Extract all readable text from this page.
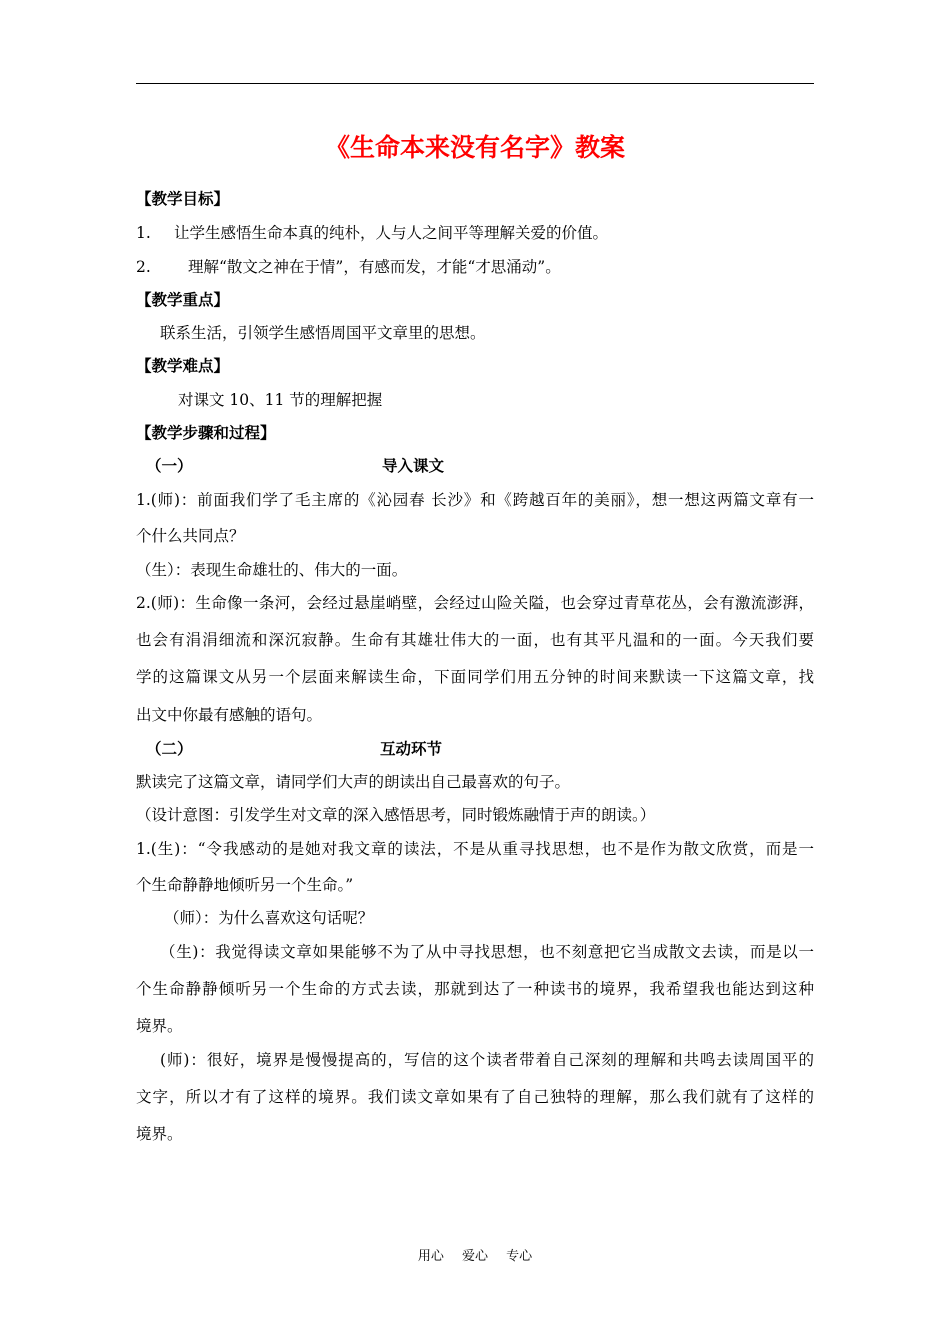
《生命本来没有名字》教案
【教学目标】
1. 让学生感悟生命本真的纯朴，人与人之间平等理解关爱的价值。
2. 理解“散文之神在于情”，有感而发，才能“才思涌动”。
【教学重点】
联系生活，引领学生感悟周国平文章里的思想。
【教学难点】
对课文 10、11 节的理解把握
【教学步骤和过程】
（一）	导入课文
1.(师)：前面我们学了毛主席的《沁园春 长沙》和《跨越百年的美丽》，想一想这两篇文章有一
个什么共同点？
（生）：表现生命雄壮的、伟大的一面。
2.(师)：生命像一条河，会经过悬崖峭壁，会经过山险关隘，也会穿过青草花丛，会有激流澎湃，
也会有涓涓细流和深沉寂静。生命有其雄壮伟大的一面，也有其平凡温和的一面。今天我们要
学的这篇课文从另一个层面来解读生命，下面同学们用五分钟的时间来默读一下这篇文章，找
出文中你最有感触的语句。
（二）	互动环节
默读完了这篇文章，请同学们大声的朗读出自己最喜欢的句子。
（设计意图：引发学生对文章的深入感悟思考，同时锻炼融情于声的朗读。）
1.(生)：“令我感动的是她对我文章的读法，不是从重寻找思想，也不是作为散文欣赏，而是一
个生命静静地倾听另一个生命。”
（师）：为什么喜欢这句话呢？
（生)：我觉得读文章如果能够不为了从中寻找思想，也不刻意把它当成散文去读，而是以一
个生命静静倾听另一个生命的方式去读，那就到达了一种读书的境界，我希望我也能达到这种
境界。
(师)：很好，境界是慢慢提高的，写信的这个读者带着自己深刻的理解和共鸣去读周国平的
文字，所以才有了这样的境界。我们读文章如果有了自己独特的理解，那么我们就有了这样的
境界。
用心 爱心 专心
